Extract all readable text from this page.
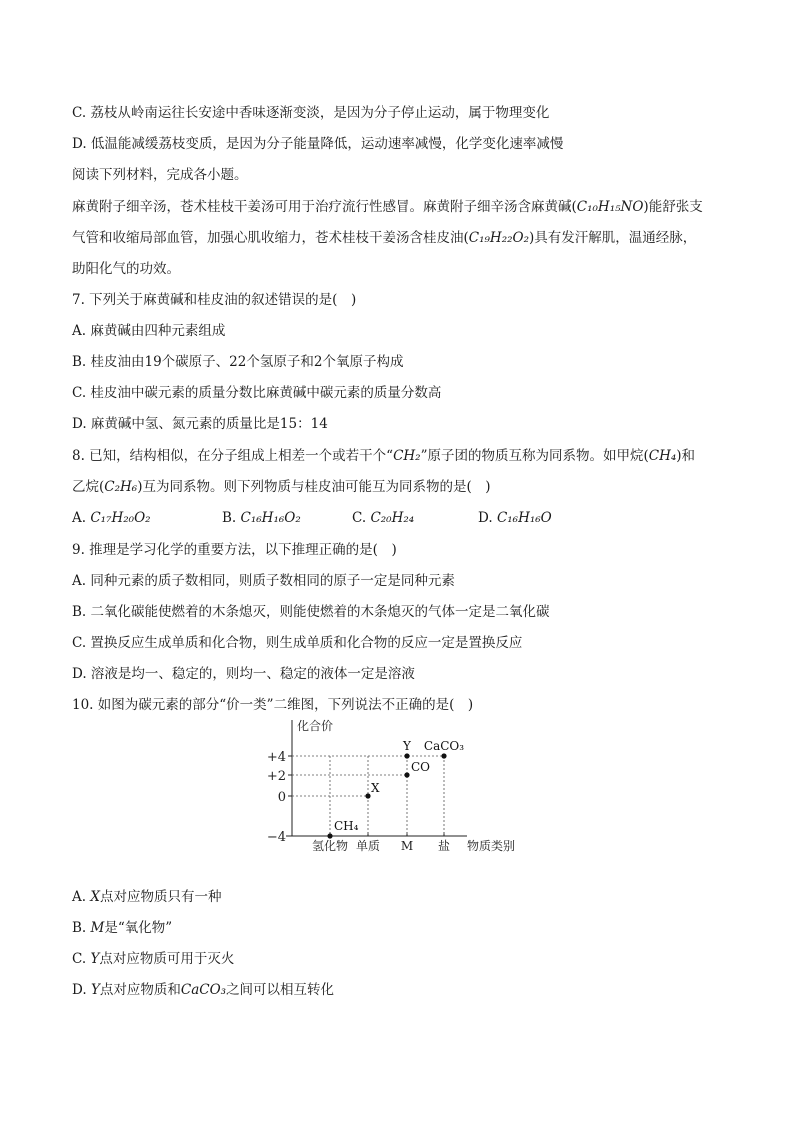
C. 荔枝从岭南运往长安途中香味逐渐变淡，是因为分子停止运动，属于物理变化
D. 低温能减缓荔枝变质，是因为分子能量降低，运动速率减慢，化学变化速率减慢
阅读下列材料，完成各小题。
麻黄附子细辛汤，苍术桂枝干姜汤可用于治疗流行性感冒。麻黄附子细辛汤含麻黄碱(C₁₀H₁₅NO)能舒张支
气管和收缩局部血管，加强心肌收缩力，苍术桂枝干姜汤含桂皮油(C₁₉H₂₂O₂)具有发汗解肌，温通经脉，
助阳化气的功效。
7. 下列关于麻黄碱和桂皮油的叙述错误的是(　)
A. 麻黄碱由四种元素组成
B. 桂皮油由19个碳原子、22个氢原子和2个氧原子构成
C. 桂皮油中碳元素的质量分数比麻黄碱中碳元素的质量分数高
D. 麻黄碱中氢、氮元素的质量比是15：14
8. 已知，结构相似，在分子组成上相差一个或若干个“CH₂”原子团的物质互称为同系物。如甲烷(CH₄)和
乙烷(C₂H₆)互为同系物。则下列物质与桂皮油可能互为同系物的是(　)
A. C₁₇H₂₀O₂	B. C₁₆H₁₆O₂	C. C₂₀H₂₄	D. C₁₆H₁₆O
9. 推理是学习化学的重要方法，以下推理正确的是(　)
A. 同种元素的质子数相同，则质子数相同的原子一定是同种元素
B. 二氧化碳能使燃着的木条熄灭，则能使燃着的木条熄灭的气体一定是二氧化碳
C. 置换反应生成单质和化合物，则生成单质和化合物的反应一定是置换反应
D. 溶液是均一、稳定的，则均一、稳定的液体一定是溶液
10. 如图为碳元素的部分“价一类”二维图，下列说法不正确的是(　)
化合价
物质类别
+4
+2
0
−4
氢化物 单质 M 盐
CH₄
X
CO
Y CaCO₃
A. X点对应物质只有一种
B. M是“氧化物”
C. Y点对应物质可用于灭火
D. Y点对应物质和CaCO₃之间可以相互转化
